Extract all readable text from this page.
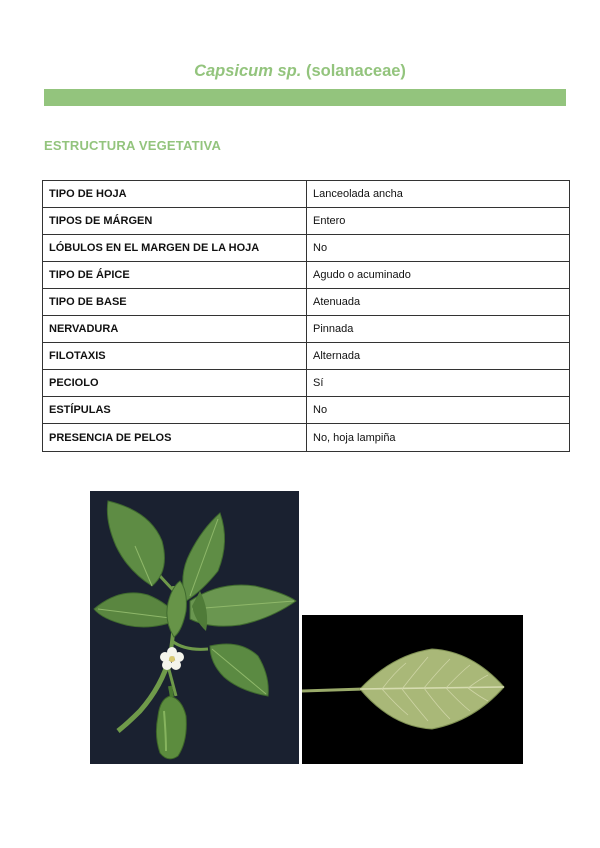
Capsicum sp. (solanaceae)
ESTRUCTURA VEGETATIVA
TIPO DE HOJA	Lanceolada ancha
TIPOS DE MÁRGEN	Entero
LÓBULOS EN EL MARGEN DE LA HOJA	No
TIPO DE ÁPICE	Agudo o acuminado
TIPO DE BASE	Atenuada
NERVADURA	Pinnada
FILOTAXIS	Alternada
PECIOLO	Sí
ESTÍPULAS	No
PRESENCIA DE PELOS	No, hoja lampiña
